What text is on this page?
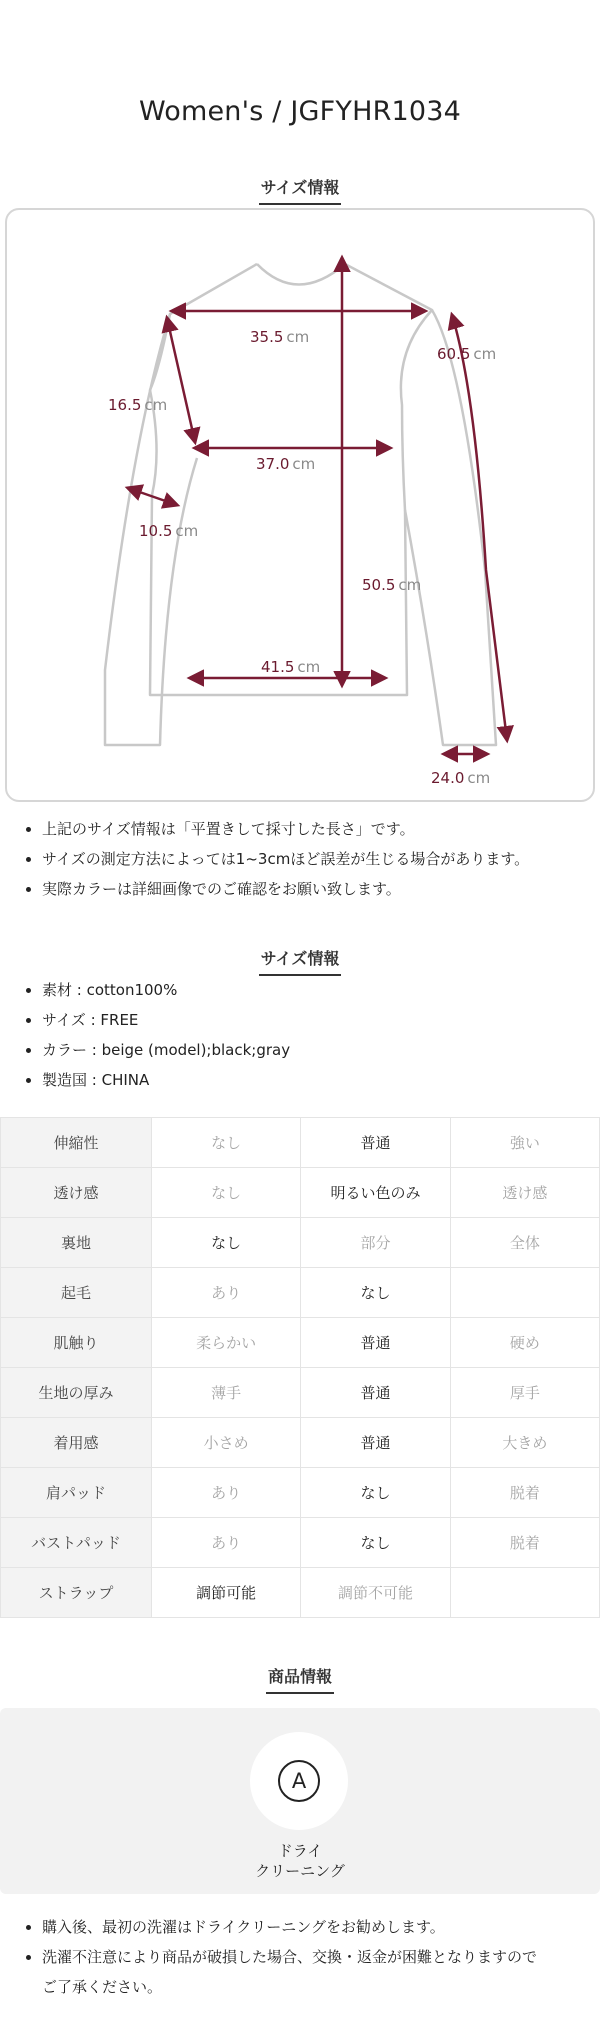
Women's / JGFYHR1034
サイズ情報
35.5 cm
60.5 cm
16.5 cm
37.0 cm
10.5 cm
50.5 cm
41.5 cm
24.0 cm
上記のサイズ情報は「平置きして採寸した長さ」です。
サイズの測定方法によっては1~3cmほど誤差が生じる場合があります。
実際カラーは詳細画像でのご確認をお願い致します。
サイズ情報
素材 : cotton100%
サイズ : FREE
カラー : beige (model);black;gray
製造国 : CHINA
伸縮性	なし	普通	強い
透け感	なし	明るい色のみ	透け感
裏地	なし	部分	全体
起毛	あり	なし	
肌触り	柔らかい	普通	硬め
生地の厚み	薄手	普通	厚手
着用感	小さめ	普通	大きめ
肩パッド	あり	なし	脱着
バストパッド	あり	なし	脱着
ストラップ	調節可能	調節不可能	
商品情報
A
ドライ
クリーニング
購入後、最初の洗濯はドライクリーニングをお勧めします。
洗濯不注意により商品が破損した場合、交換・返金が困難となりますので
ご了承ください。
